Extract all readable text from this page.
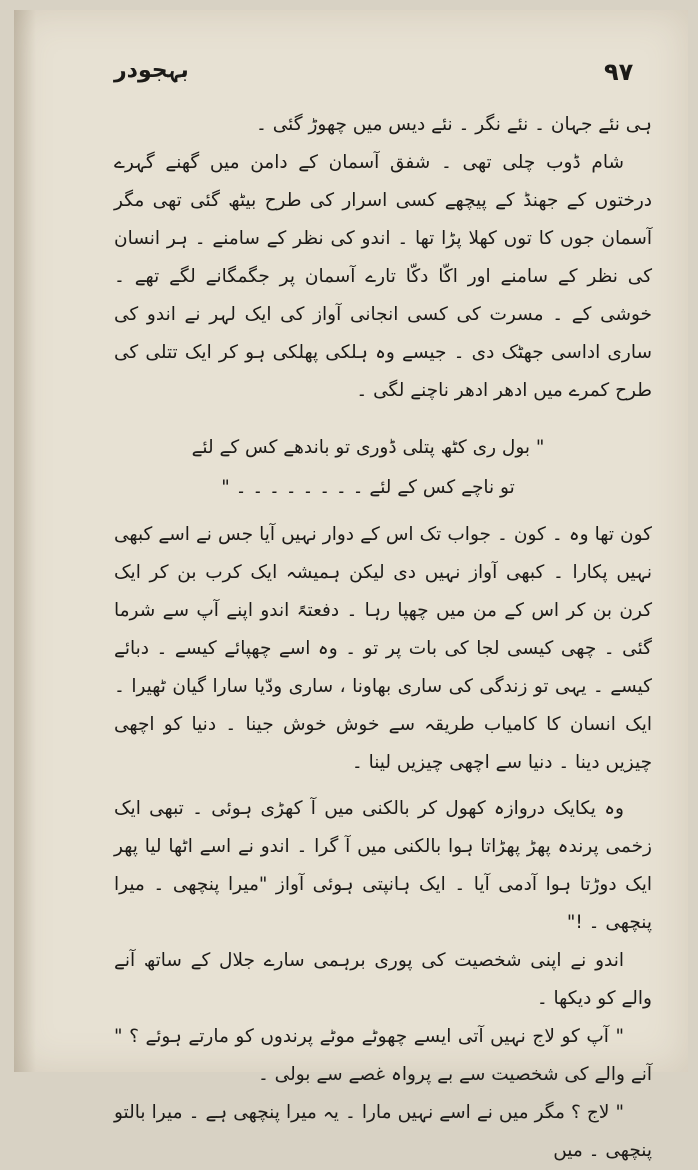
بہجودر	۹۷

ہی نئے جہان ۔ نئے نگر ۔ نئے دیس میں چھوڑ گئی ۔

شام ڈوب چلی تھی ۔ شفق آسمان کے دامن میں گھنے گہرے درختوں کے جھنڈ کے پیچھے کسی اسرار کی طرح بیٹھ گئی تھی مگر آسمان جوں کا توں کھلا پڑا تھا ۔ اندو کی نظر کے سامنے ۔ ہر انسان کی نظر کے سامنے اور اکّا دکّا تارے آسمان پر جگمگانے لگے تھے ۔ خوشی کے ۔ مسرت کی کسی انجانی آواز کی ایک لہر نے اندو کی ساری اداسی جھٹک دی ۔ جیسے وہ ہلکی پھلکی ہو کر ایک تتلی کی طرح کمرے میں ادھر ادھر ناچنے لگی ۔

" بول ری کٹھ پتلی ڈوری تو باندھے کس کے لئے
تو ناچے کس کے لئے ۔ ۔ ۔ ۔ ۔ ۔ ۔ ۔ "

کون تھا وہ ۔ کون ۔ جواب تک اس کے دوار نہیں آیا جس نے اسے کبھی نہیں پکارا ۔ کبھی آواز نہیں دی لیکن ہمیشہ ایک کرب بن کر ایک کرن بن کر اس کے من میں چھپا رہا ۔ دفعتہً اندو اپنے آپ سے شرما گئی ۔ چھی کیسی لجا کی بات پر تو ۔ وہ اسے چھپائے کیسے ۔ دبائے کیسے ۔ یہی تو زندگی کی ساری بھاونا ، ساری ودّیا سارا گیان ٹھیرا ۔ ایک انسان کا کامیاب طریقہ سے خوش خوش جینا ۔ دنیا کو اچھی چیزیں دینا ۔ دنیا سے اچھی چیزیں لینا ۔

وہ یکایک دروازہ کھول کر بالکنی میں آ کھڑی ہوئی ۔ تبھی ایک زخمی پرندہ پھڑ پھڑاتا ہوا بالکنی میں آ گرا ۔ اندو نے اسے اٹھا لیا پھر ایک دوڑتا ہوا آدمی آیا ۔ ایک ہانپتی ہوئی آواز "میرا پنچھی ۔ میرا پنچھی ۔ !"

اندو نے اپنی شخصیت کی پوری برہمی سارے جلال کے ساتھ آنے والے کو دیکھا ۔

" آپ کو لاج نہیں آتی ایسے چھوٹے موٹے پرندوں کو مارتے ہوئے ؟ " آنے والے کی شخصیت سے بے پرواہ غصے سے بولی ۔

" لاج ؟ مگر میں نے اسے نہیں مارا ۔ یہ میرا پنچھی ہے ۔ میرا بالتو پنچھی ۔ میں
